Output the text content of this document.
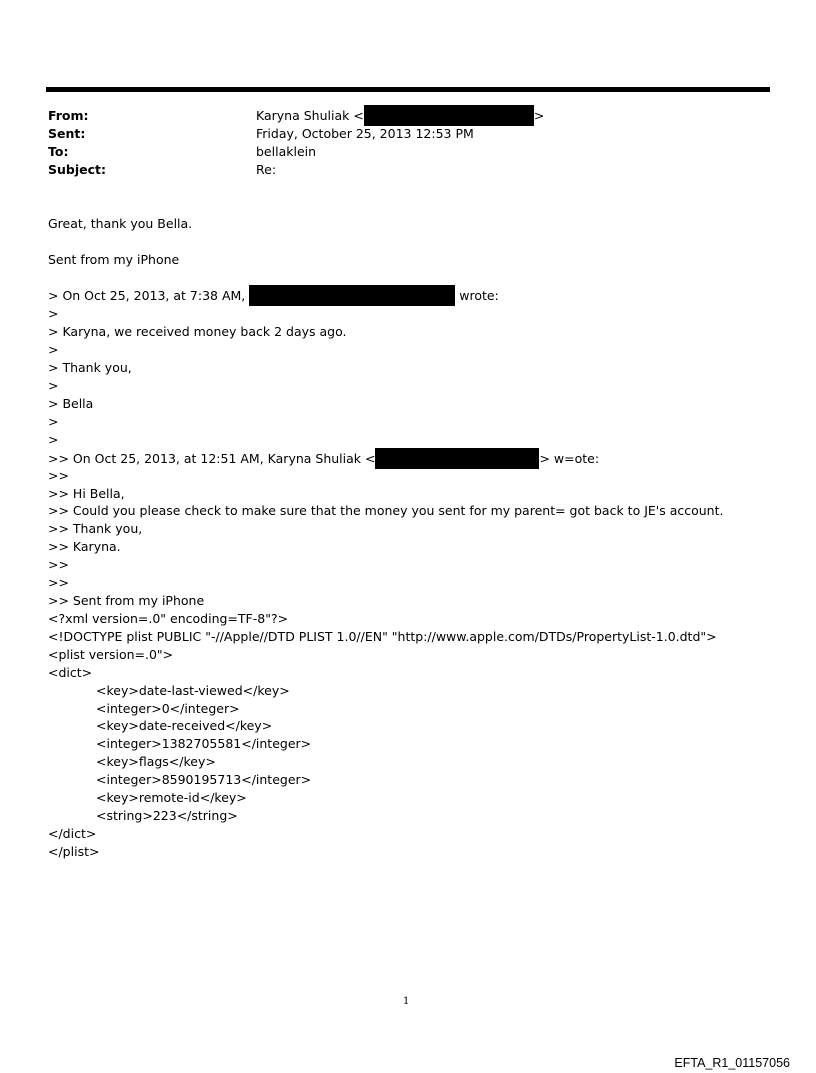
From:	Karyna Shuliak <	>
Sent:	Friday, October 25, 2013 12:53 PM
To:	bellaklein
Subject:	Re:
Great, thank you Bella.
Sent from my iPhone
> On Oct 25, 2013, at 7:38 AM,	wrote:
>
> Karyna, we received money back 2 days ago.
>
> Thank you,
>
> Bella
>
>
>> On Oct 25, 2013, at 12:51 AM, Karyna Shuliak <	> w=ote:
>>
>> Hi Bella,
>> Could you please check to make sure that the money you sent for my parent= got back to JE's account.
>> Thank you,
>> Karyna.
>>
>>
>> Sent from my iPhone
<?xml version=.0" encoding=TF-8"?>
<!DOCTYPE plist PUBLIC "-//Apple//DTD PLIST 1.0//EN" "http://www.apple.com/DTDs/PropertyList-1.0.dtd">
<plist version=.0">
<dict>
<key>date-last-viewed</key>
<integer>0</integer>
<key>date-received</key>
<integer>1382705581</integer>
<key>flags</key>
<integer>8590195713</integer>
<key>remote-id</key>
<string>223</string>
</dict>
</plist>
1
EFTA_R1_01157056
